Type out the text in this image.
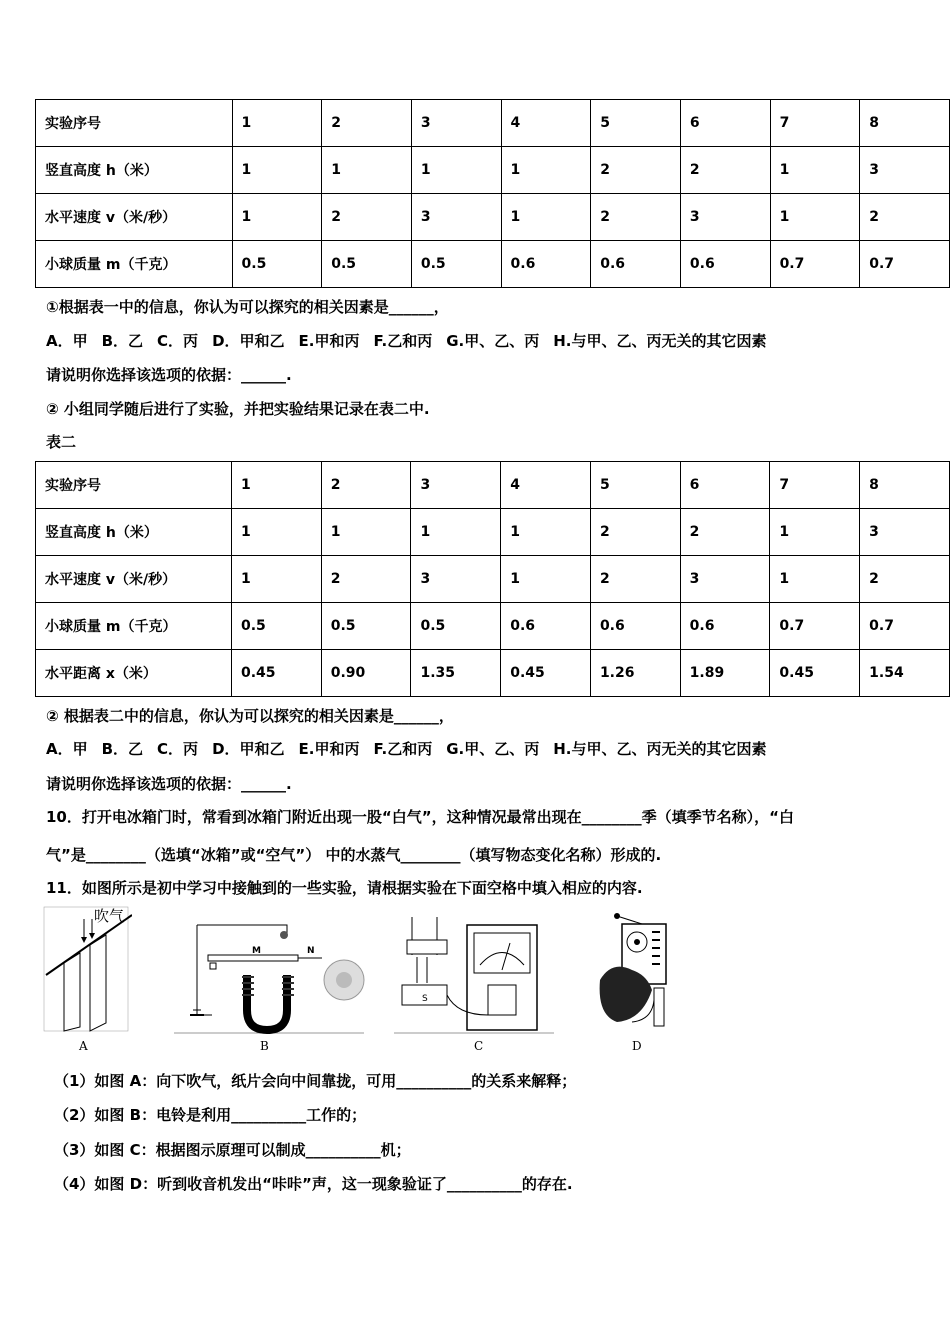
实验序号	1	2	3	4	5	6	7	8
竖直高度 h（米）	1	1	1	1	2	2	1	3
水平速度 v（米/秒）	1	2	3	1	2	3	1	2
小球质量 m（千克）	0.5	0.5	0.5	0.6	0.6	0.6	0.7	0.7
①根据表一中的信息，你认为可以探究的相关因素是______，
A．甲 B．乙 C．丙 D．甲和乙 E.甲和丙 F.乙和丙 G.甲、乙、丙 H.与甲、乙、丙无关的其它因素
请说明你选择该选项的依据：______.
② 小组同学随后进行了实验，并把实验结果记录在表二中.
表二
实验序号	1	2	3	4	5	6	7	8
竖直高度 h（米）	1	1	1	1	2	2	1	3
水平速度 v（米/秒）	1	2	3	1	2	3	1	2
小球质量 m（千克）	0.5	0.5	0.5	0.6	0.6	0.6	0.7	0.7
水平距离 x（米）	0.45	0.90	1.35	0.45	1.26	1.89	0.45	1.54
② 根据表二中的信息，你认为可以探究的相关因素是______，
A．甲 B．乙 C．丙 D．甲和乙 E.甲和丙 F.乙和丙 G.甲、乙、丙 H.与甲、乙、丙无关的其它因素
请说明你选择该选项的依据：______.
10．打开电冰箱门时，常看到冰箱门附近出现一股“白气”，这种情况最常出现在________季（填季节名称），“白
气”是________（选填“冰箱”或“空气”） 中的水蒸气________（填写物态变化名称）形成的.
11．如图所示是初中学习中接触到的一些实验，请根据实验在下面空格中填入相应的内容.
吹气
A
M	N
B
S
C	D
（1）如图 A：向下吹气，纸片会向中间靠拢，可用__________的关系来解释；
（2）如图 B：电铃是利用__________工作的；
（3）如图 C：根据图示原理可以制成__________机；
（4）如图 D：听到收音机发出“咔咔”声，这一现象验证了__________的存在.
